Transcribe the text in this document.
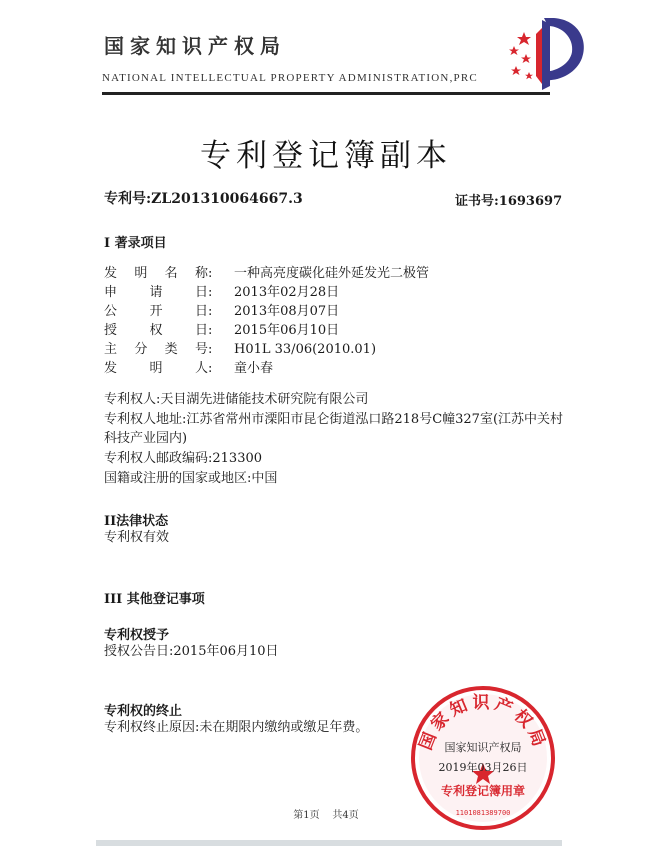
国家知识产权局
NATIONAL INTELLECTUAL PROPERTY ADMINISTRATION,PRC
专利登记簿副本
专利号:ZL201310064667.3	证书号:1693697
I 著录项目
发明名称: 一种高亮度碳化硅外延发光二极管
申请日: 2013年02月28日
公开日: 2013年08月07日
授权日: 2015年06月10日
主分类号: H01L 33/06(2010.01)
发明人: 童小春
专利权人:天目湖先进储能技术研究院有限公司
专利权人地址:江苏省常州市溧阳市昆仑街道泓口路218号C幢327室(江苏中关村
科技产业园内)
专利权人邮政编码:213300
国籍或注册的国家或地区:中国
II法律状态
专利权有效
III 其他登记事项
专利权授予
授权公告日:2015年06月10日
专利权的终止
专利权终止原因:未在期限内缴纳或缴足年费。	国家知识产权局
国家知识产权局
2019年03月26日
专利登记簿用章
1101081389700
第1页    共4页
